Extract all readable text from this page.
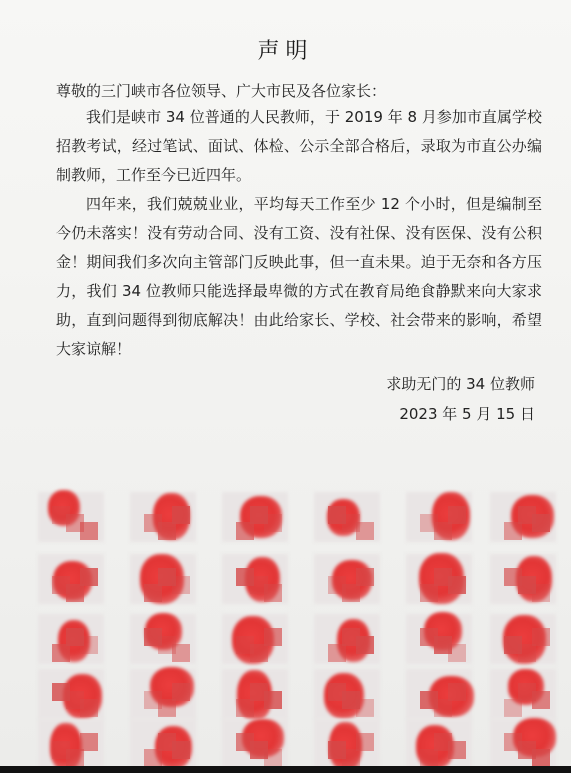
声明
尊敬的三门峡市各位领导、广大市民及各位家长：
我们是峡市 34 位普通的人民教师，于 2019 年 8 月参加市直属学校招教考试，经过笔试、面试、体检、公示全部合格后，录取为市直公办编制教师，工作至今已近四年。
四年来，我们兢兢业业，平均每天工作至少 12 个小时，但是编制至今仍未落实！没有劳动合同、没有工资、没有社保、没有医保、没有公积金！期间我们多次向主管部门反映此事，但一直未果。迫于无奈和各方压力，我们 34 位教师只能选择最卑微的方式在教育局绝食静默来向大家求助，直到问题得到彻底解决！由此给家长、学校、社会带来的影响，希望大家谅解！
求助无门的 34 位教师
2023 年 5 月 15 日
